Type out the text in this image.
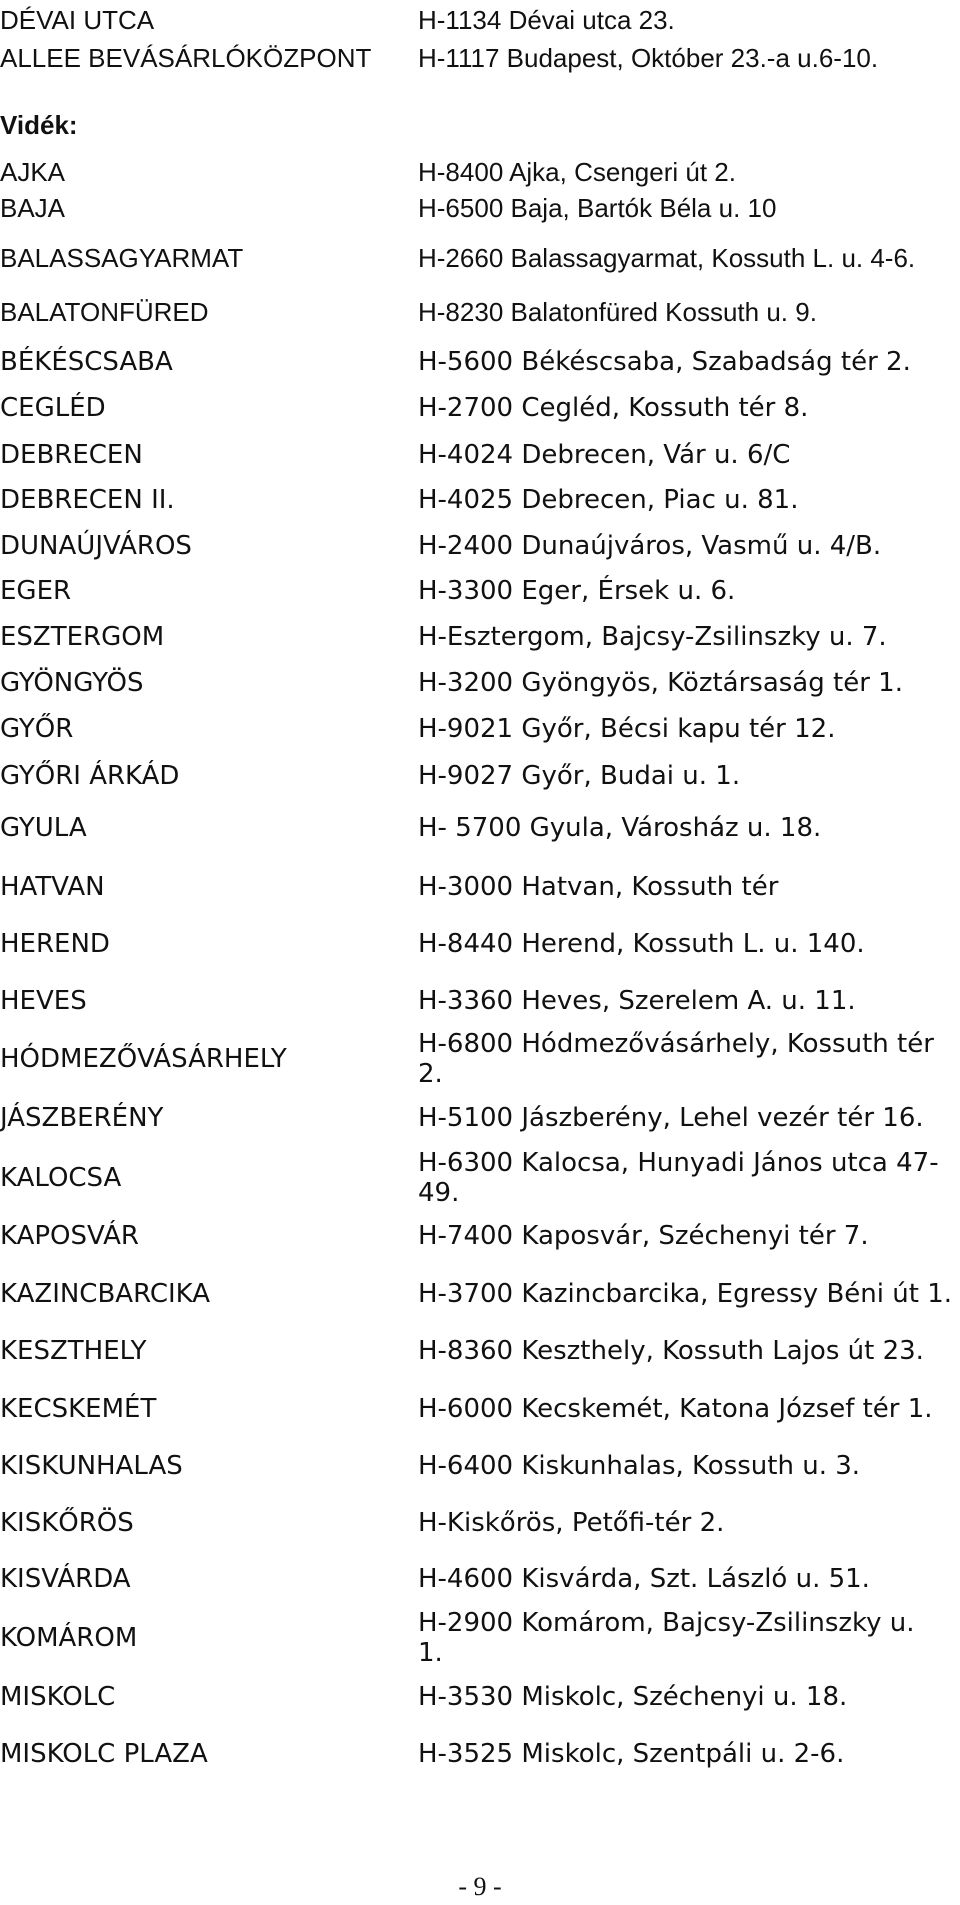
DÉVAI UTCA	H-1134 Dévai utca 23.
ALLEE BEVÁSÁRLÓKÖZPONT	H-1117 Budapest, Október 23.-a u.6-10.
Vidék:
AJKA	H-8400 Ajka, Csengeri út 2.
BAJA	H-6500 Baja, Bartók Béla u. 10
BALASSAGYARMAT	H-2660 Balassagyarmat, Kossuth L. u. 4-6.
BALATONFÜRED	H-8230 Balatonfüred Kossuth u. 9.
BÉKÉSCSABA	H-5600 Békéscsaba, Szabadság tér 2.
CEGLÉD	H-2700 Cegléd, Kossuth tér 8.
DEBRECEN	H-4024 Debrecen, Vár u. 6/C
DEBRECEN II.	H-4025 Debrecen, Piac u. 81.
DUNAÚJVÁROS	H-2400 Dunaújváros, Vasmű u. 4/B.
EGER	H-3300 Eger, Érsek u. 6.
ESZTERGOM	H-Esztergom, Bajcsy-Zsilinszky u. 7.
GYÖNGYÖS	H-3200 Gyöngyös, Köztársaság tér 1.
GYŐR	H-9021 Győr, Bécsi kapu tér 12.
GYŐRI ÁRKÁD	H-9027 Győr, Budai u. 1.
GYULA	H- 5700 Gyula, Városház u. 18.
HATVAN	H-3000 Hatvan, Kossuth tér
HEREND	H-8440 Herend, Kossuth L. u. 140.
HEVES	H-3360 Heves, Szerelem A. u. 11.
HÓDMEZŐVÁSÁRHELY	H-6800 Hódmezővásárhely, Kossuth tér 2.
JÁSZBERÉNY	H-5100 Jászberény, Lehel vezér tér 16.
KALOCSA	H-6300 Kalocsa, Hunyadi János utca 47-49.
KAPOSVÁR	H-7400 Kaposvár, Széchenyi tér 7.
KAZINCBARCIKA	H-3700 Kazincbarcika, Egressy Béni út 1.
KESZTHELY	H-8360 Keszthely, Kossuth Lajos út 23.
KECSKEMÉT	H-6000 Kecskemét, Katona József tér 1.
KISKUNHALAS	H-6400 Kiskunhalas, Kossuth u. 3.
KISKŐRÖS	H-Kiskőrös, Petőfi-tér 2.
KISVÁRDA	H-4600 Kisvárda, Szt. László u. 51.
KOMÁROM	H-2900 Komárom, Bajcsy-Zsilinszky u. 1.
MISKOLC	H-3530 Miskolc, Széchenyi u. 18.
MISKOLC PLAZA	H-3525 Miskolc, Szentpáli u. 2-6.
- 9 -
